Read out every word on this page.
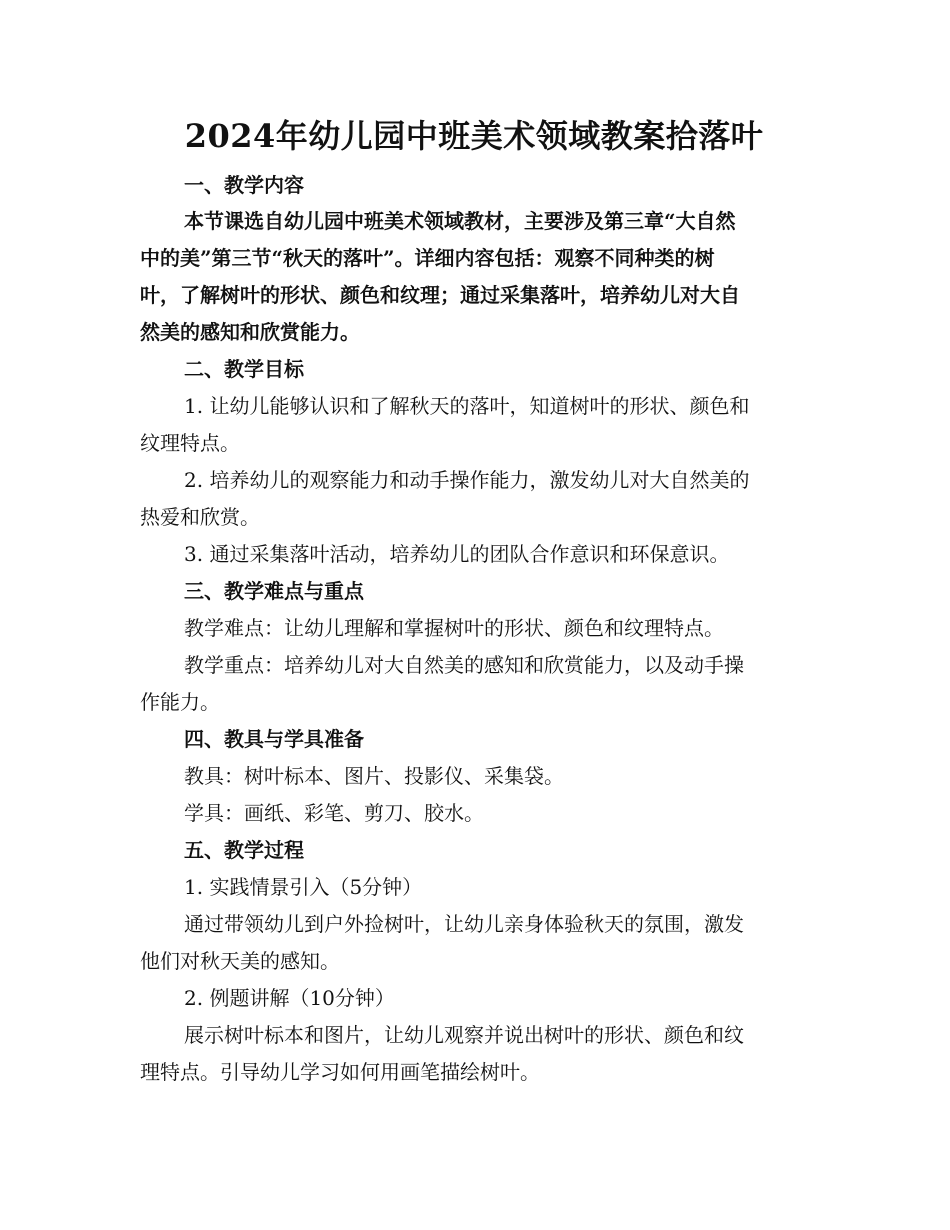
2024年幼儿园中班美术领域教案拾落叶

一、教学内容

本节课选自幼儿园中班美术领域教材，主要涉及第三章“大自然

中的美”第三节“秋天的落叶”。详细内容包括：观察不同种类的树

叶，了解树叶的形状、颜色和纹理；通过采集落叶，培养幼儿对大自

然美的感知和欣赏能力。

二、教学目标

1. 让幼儿能够认识和了解秋天的落叶，知道树叶的形状、颜色和

纹理特点。

2. 培养幼儿的观察能力和动手操作能力，激发幼儿对大自然美的

热爱和欣赏。

3. 通过采集落叶活动，培养幼儿的团队合作意识和环保意识。

三、教学难点与重点

教学难点：让幼儿理解和掌握树叶的形状、颜色和纹理特点。

教学重点：培养幼儿对大自然美的感知和欣赏能力，以及动手操

作能力。

四、教具与学具准备

教具：树叶标本、图片、投影仪、采集袋。

学具：画纸、彩笔、剪刀、胶水。

五、教学过程

1. 实践情景引入（5分钟）

通过带领幼儿到户外捡树叶，让幼儿亲身体验秋天的氛围，激发

他们对秋天美的感知。

2. 例题讲解（10分钟）

展示树叶标本和图片，让幼儿观察并说出树叶的形状、颜色和纹

理特点。引导幼儿学习如何用画笔描绘树叶。
